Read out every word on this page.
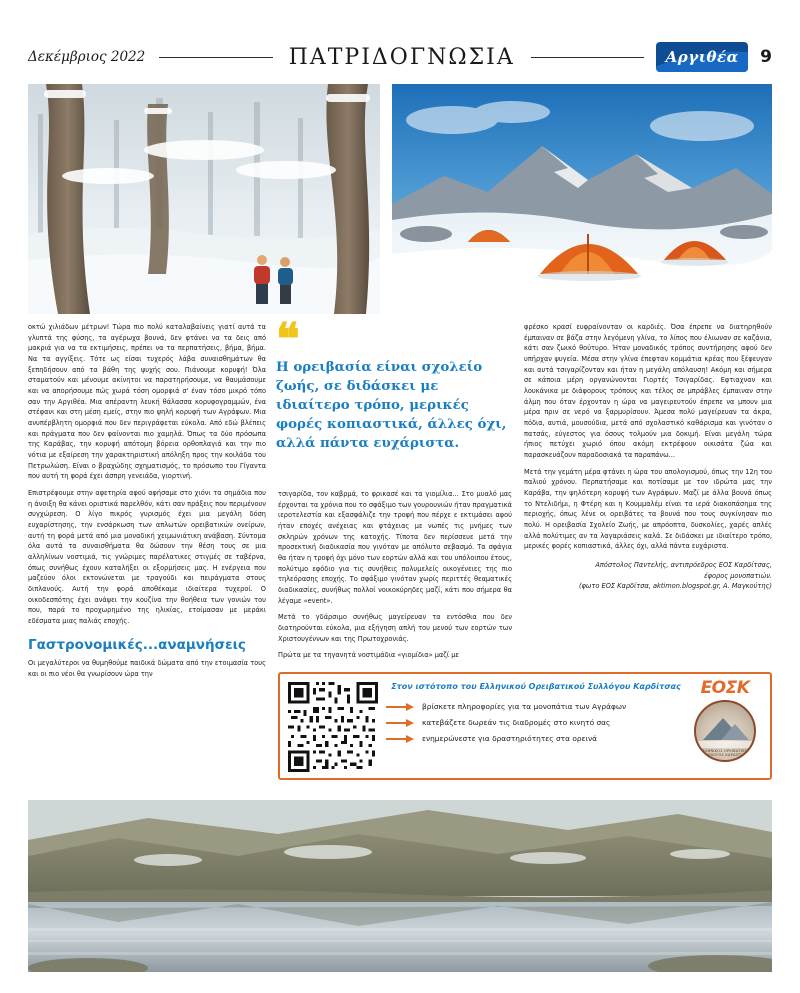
Δεκέμβριος 2022	ΠΑΤΡΙΔΟΓΝΩΣΙΑ	Αργιθέα 9

οκτώ χιλιάδων μέτρων! Τώρα πιο πολύ καταλαβαίνεις γιατί αυτά τα γλυπτά της φύσης, τα αγέρωχα βουνά, δεν φτάνει να τα δεις από μακριά για να τα εκτιμήσεις, πρέπει να τα περπατήσεις, βήμα, βήμα. Να τα αγγίξεις. Τότε ως είσαι τυχερός λάβα συναισθημάτων θα ξεπηδήσουν από τα βάθη της ψυχής σου. Πιάνουμε κορυφή! Όλα σταματούν και μένουμε ακίνητοι να παρατηρήσουμε, να θαυμάσουμε και να απορήσουμε πώς χωρά τόση ομορφιά σ' έναν τόσο μικρό τόπο σαν την Αργιθέα. Μια απέραντη λευκή θάλασσα κορυφογραμμών, ένα στέφανι και στη μέση εμείς, στην πιο ψηλή κορυφή των Αγράφων. Μια ανυπέρβλητη ομορφιά που δεν περιγράφεται εύκολα. Από εδώ βλέπεις και πράγματα που δεν φαίνονται πιο χαμηλά. Όπως τα δύο πρόσωπα της Καράβας, την κορυφή απότομη βόρεια ορθοπλαγιά και την πιο νότια με εξαίρεση την χαρακτηριστική απόληξη προς την κοιλάδα του Πετρωλώση. Είναι ο βραχώδης σχηματισμός, το πρόσωπο του Γίγαντα που αυτή τη φορά έχει άσπρη γενειάδα, γιορτινή.

Επιστρέφουμε στην αφετηρία αφού αφήσαμε στο χιόνι τα σημάδια που η άνοιξη θα κάνει οριστικά παρελθόν, κάτι σαν πράξεις που περιμένουν συγχώρεση. Ο λίγο πικρός γυρισμός έχει μια μεγάλη δόση ευχαρίστησης, την ενσάρκωση των απλωτών ορειβατικών ονείρων, αυτή τη φορά μετά από μια μοναδική χειμωνιάτικη ανάβαση. Σύντομα όλα αυτά τα συναισθήματα θα δώσουν την θέση τους σε μια αλληλίνων νοστιμιά, τις γνώριμες παρέλατικες στιγμές σε ταβέρνα, όπως συνήθως έχουν καταλήξει οι εξορμήσεις μας. Η ενέργεια που μαζεύον όλοι εκτονώνεται με τραγούδι και πειράγματα στους διπλανούς. Αυτή την φορά αποθέκαμε ιδιαίτερα τυχεροί. Ο οικοδεσπότης έχει ανάψει την κουζίνα την θοήθεια των γονιών του που, παρά το προχωρημένο της ηλικίας, ετοίμασαν με μεράκι εδέσματα μιας παλιάς εποχής.

Γαστρονομικές...αναμνήσεις

Οι μεγαλύτεροι να θυμηθούμε παιδικά δώματα από την ετοιμασία τους και οι πιο νέοι θα γνωρίσουν ώρα την

❝
Η ορειβασία είναι σχολείο ζωής, σε διδάσκει με ιδιαίτερο τρόπο, μερικές φορές κοπιαστικά, άλλες όχι, αλλά πάντα ευχάριστα.

τσιγαρίδα, τον καβρμά, το φρικασέ και τα γιομίλια... Στο μυαλό μας έρχονται τα χρόνια που το σφάξιμο των γουρουνιών ήταν πραγματικά ιεροτελεστία και εξασφάλιζε την τροφή που πέρχε ε εκτιμάσει αφού ήταν εποχές ανέχειας και φτάχειας με νωπές τις μνήμες των σκληρών χρόνων της κατοχής. Τίποτα δεν περίσσευε μετά την προσεκτική διαδικασία που γινόταν με απόλυτο σεβασμό. Τα σφάγια θα ήταν η τροφή όχι μόνο των εορτών αλλά και του υπόλοιπου έτους, πολύτιμο εφόδιο για τις συνήθεις πολυμελείς οικογένειες της πιο τηλεόρασης εποχής. Το σφάξιμο γινόταν χωρίς περιττές θεαματικές διαδικασίες, συνήθως πολλοί νοικοκύρηδες μαζί, κάτι που σήμερα θα λέγαμε «event».

Μετά το γδάρσιμο συνήθως μαγείρευαν τα εντόσθια που δεν διατηρούνται εύκολα, μια εξήγηση απλή του μενού των εορτών των Χριστουγέννων και της Πρωτοχρονιάς.

Πρώτα με τα τηγανητά νοστιμάδια «γιομίδια» μαζί με

φρέσκο κρασί ευφραίνονταν οι καρδιές. Όσα έπρεπε να διατηρηθούν έμπαιναν σε βάζα στην λεγόμενη γλίνα, το λίπος που έλιωναν σε καζάνια, κάτι σαν ζωικό θούτυρο. Ήταν μοναδικός τρόπος συντήρησης αφού δεν υπήρχαν ψυγεία. Μέσα στην γλίνα έπεφταν κομμάτια κρέας που ξέφευγαν και αυτά τσιγαρίζονταν και ήταν η μεγάλη απόλαυση! Ακόμη και σήμερα σε κάποια μέρη οργανώνονται Γιορτές Τσιγαρίδας. Εφτιαχναν και λουκάνικα με διάφορους τρόπους και τέλος σε μπράβλες έμπαιναν στην άλμη που όταν έρχονταν η ώρα να μαγειρευτούν έπρεπε να μπουν μια μέρα πριν σε νερό να ξαρμυρίσουν. Άμεσα πολύ μαγείρευαν τα άκρα, πόδια, αυτιά, μουσούδια, μετά από σχολαστικό καθάρισμα και γινόταν ο πατσάς, εύγεστος για όσους τολμούν μια δοκιμή. Είναι μεγάλη τώρα ήπιος πετύχει χωριό όπου ακόμη εκτρέφουν οικισάτα ζώα και παρασκευάζουν παραδοσιακά τα παραπάνω...

Μετά την γεμάτη μέρα φτάνει η ώρα του απολογισμού, όπως την 12η του παλιού χρόνου. Περπατήσαμε και ποτίσαμε με τον ιδρώτα μας την Καράβα, την ψηλότερη κορυφή των Αγράφων. Μαζί με άλλα βουνά όπως το Ντελιδήμι, η Φτέρη και η Κουμμαλέμ είναι τα ιερά διακοπάσημα της περιοχής, όπως λένε οι ορειβάτες τα βουνά που τους συγκίνησαν πιο πολύ. Η ορειβασία Σχολείο Ζωής, με απρόοπτα, δυσκολίες, χαρές απλές αλλά πολύτιμες αν τα λαγαριάσεις καλά. Σε διδάσκει με ιδιαίτερο τρόπο, μερικές φορές κοπιαστικά, άλλες όχι, αλλά πάντα ευχάριστα.

Απόστολος Παντελής, αντιπρόεδρος ΕΟΣ Καρδίτσας,
έφορος μονοπατιών.
(φωτο ΕΟΣ Καρδίτσα, aktimon.blogspot.gr, Α. Μαγκούτης)
Στον ιστότοπο του Ελληνικού Ορειβατικού Συλλόγου Καρδίτσας
βρίσκετε πληροφορίες για τα μονοπάτια των Αγράφων
κατεβάζετε δωρεάν τις διαδρομές στο κινητό σας
ενημερώνεστε για δραστηριότητες στα ορεινά
ΕΟΣΚ
ΕΛΛΗΝΙΚΟΣ ΟΡΕΙΒΑΤΙΚΟΣ ΣΥΛΛΟΓΟΣ ΚΑΡΔΙΤΣΑΣ
